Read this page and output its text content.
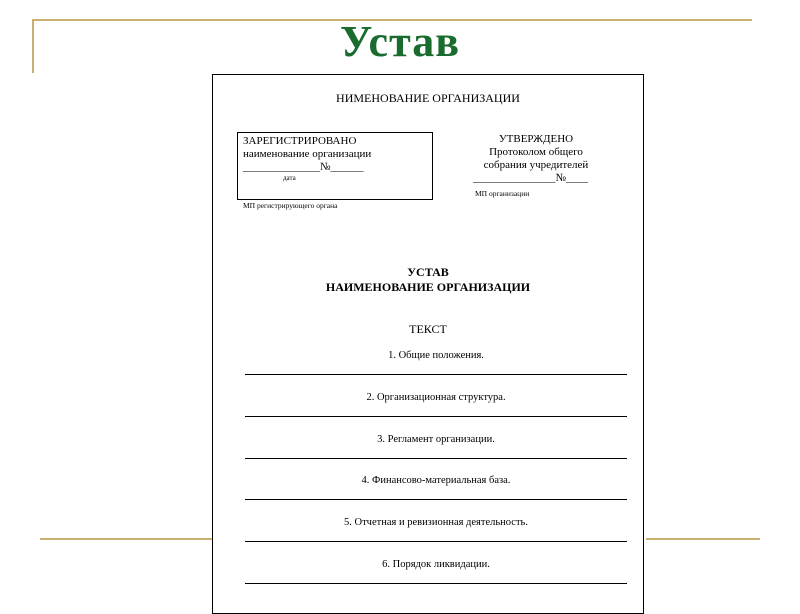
Устав
НИМЕНОВАНИЕ ОРГАНИЗАЦИИ
ЗАРЕГИСТРИРОВАНО
наименование организации
______________№______
дата
МП регистрирующего органа
УТВЕРЖДЕНО
Протоколом общего
собрания учредителей
_______________№____
МП организации
УСТАВ
НАИМЕНОВАНИЕ ОРГАНИЗАЦИИ
ТЕКСТ
1. Общие положения.
2. Организационная структура.
3. Регламент организации.
4. Финансово-материальная база.
5. Отчетная и ревизионная деятельность.
6. Порядок ликвидации.
